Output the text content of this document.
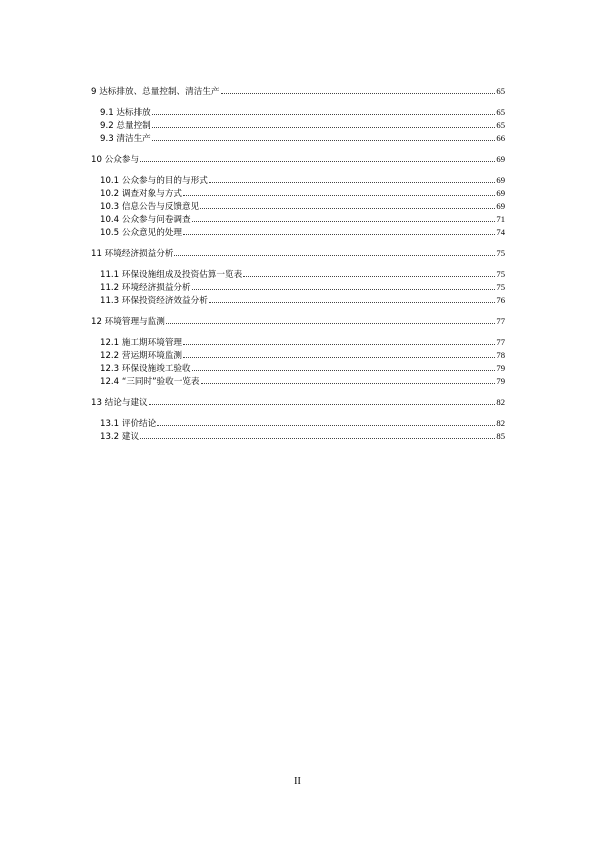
9 达标排放、总量控制、清洁生产	65
9.1 达标排放	65
9.2 总量控制	65
9.3 清洁生产	66
10 公众参与	69
10.1 公众参与的目的与形式	69
10.2 调查对象与方式	69
10.3 信息公告与反馈意见	69
10.4 公众参与问卷调查	71
10.5 公众意见的处理	74
11 环境经济损益分析	75
11.1 环保设施组成及投资估算一览表	75
11.2 环境经济损益分析	75
11.3 环保投资经济效益分析	76
12 环境管理与监测	77
12.1 施工期环境管理	77
12.2 营运期环境监测	78
12.3 环保设施竣工验收	79
12.4 “三同时”验收一览表	79
13 结论与建议	82
13.1 评价结论	82
13.2 建议	85
II
